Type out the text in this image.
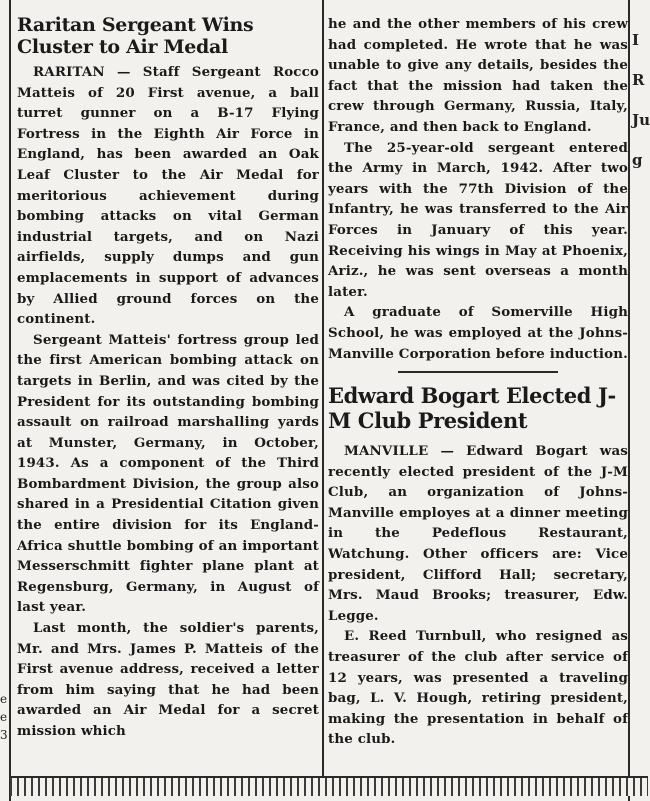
e
e
3
I
R
Ju
g
Raritan Sergeant Wins Cluster to Air Medal

RARITAN — Staff Sergeant Rocco Matteis of 20 First avenue, a ball turret gunner on a B-17 Flying Fortress in the Eighth Air Force in England, has been awarded an Oak Leaf Cluster to the Air Medal for meritorious achievement during bombing attacks on vital German industrial targets, and on Nazi airfields, supply dumps and gun emplacements in support of advances by Allied ground forces on the continent.

Sergeant Matteis' fortress group led the first American bombing attack on targets in Berlin, and was cited by the President for its outstanding bombing assault on railroad marshalling yards at Munster, Germany, in October, 1943. As a component of the Third Bombardment Division, the group also shared in a Presidential Citation given the entire division for its England-Africa shuttle bombing of an important Messerschmitt fighter plane plant at Regensburg, Germany, in August of last year.

Last month, the soldier's parents, Mr. and Mrs. James P. Matteis of the First avenue address, received a letter from him saying that he had been awarded an Air Medal for a secret mission which

he and the other members of his crew had completed. He wrote that he was unable to give any details, besides the fact that the mission had taken the crew through Germany, Russia, Italy, France, and then back to England.

The 25-year-old sergeant entered the Army in March, 1942. After two years with the 77th Division of the Infantry, he was transferred to the Air Forces in January of this year. Receiving his wings in May at Phoenix, Ariz., he was sent overseas a month later.

A graduate of Somerville High School, he was employed at the Johns-Manville Corporation before induction.

Edward Bogart Elected J-M Club President

MANVILLE — Edward Bogart was recently elected president of the J-M Club, an organization of Johns-Manville employes at a dinner meeting in the Pedeflous Restaurant, Watchung. Other officers are: Vice president, Clifford Hall; secretary, Mrs. Maud Brooks; treasurer, Edw. Legge.

E. Reed Turnbull, who resigned as treasurer of the club after service of 12 years, was presented a traveling bag, L. V. Hough, retiring president, making the presentation in behalf of the club.
